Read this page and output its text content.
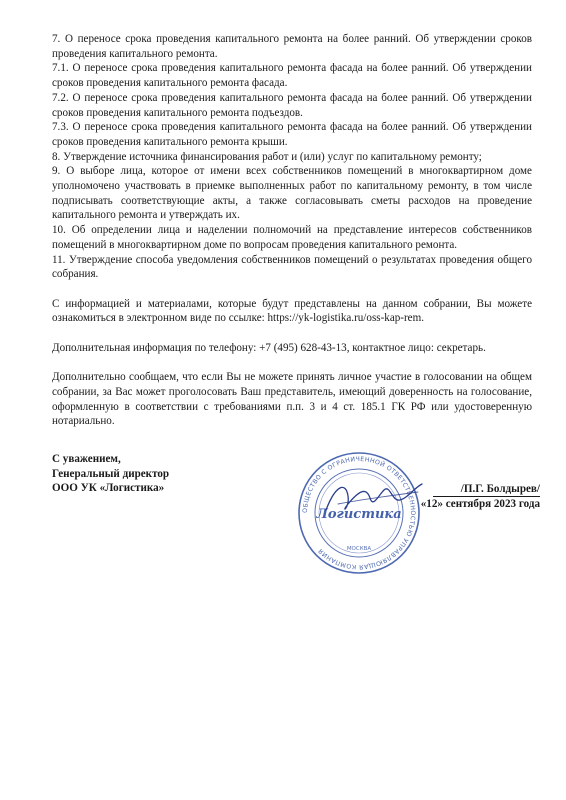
7. О переносе срока проведения капитального ремонта на более ранний. Об утверждении сроков проведения капитального ремонта.

7.1. О переносе срока проведения капитального ремонта фасада на более ранний. Об утверждении сроков проведения капитального ремонта фасада.

7.2. О переносе срока проведения капитального ремонта фасада на более ранний. Об утверждении сроков проведения капитального ремонта подъездов.

7.3. О переносе срока проведения капитального ремонта фасада на более ранний. Об утверждении сроков проведения капитального ремонта крыши.

8. Утверждение источника финансирования работ и (или) услуг по капитальному ремонту;

9. О выборе лица, которое от имени всех собственников помещений в многоквартирном доме уполномочено участвовать в приемке выполненных работ по капитальному ремонту, в том числе подписывать соответствующие акты, а также согласовывать сметы расходов на проведение капитального ремонта и утверждать их.

10. Об определении лица и наделении полномочий на представление интересов собственников помещений в многоквартирном доме по вопросам проведения капитального ремонта.

11. Утверждение способа уведомления собственников помещений о результатах проведения общего собрания.

С информацией и материалами, которые будут представлены на данном собрании, Вы можете ознакомиться в электронном виде по ссылке: https://yk-logistika.ru/oss-kap-rem.

Дополнительная информация по телефону: +7 (495) 628-43-13, контактное лицо: секретарь.

Дополнительно сообщаем, что если Вы не можете принять личное участие в голосовании на общем собрании, за Вас может проголосовать Ваш представитель, имеющий доверенность на голосование, оформленную в соответствии с требованиями п.п. 3 и 4 ст. 185.1 ГК РФ или удостоверенную нотариально.

С уважением,
Генеральный директор
ООО УК «Логистика»
ОБЩЕСТВО С ОГРАНИЧЕННОЙ ОТВЕТСТВЕННОСТЬЮ УПРАВЛЯЮЩАЯ КОМПАНИЯ
Логистика
МОСКВА
/П.Г. Болдырев/
«12» сентября 2023 года
